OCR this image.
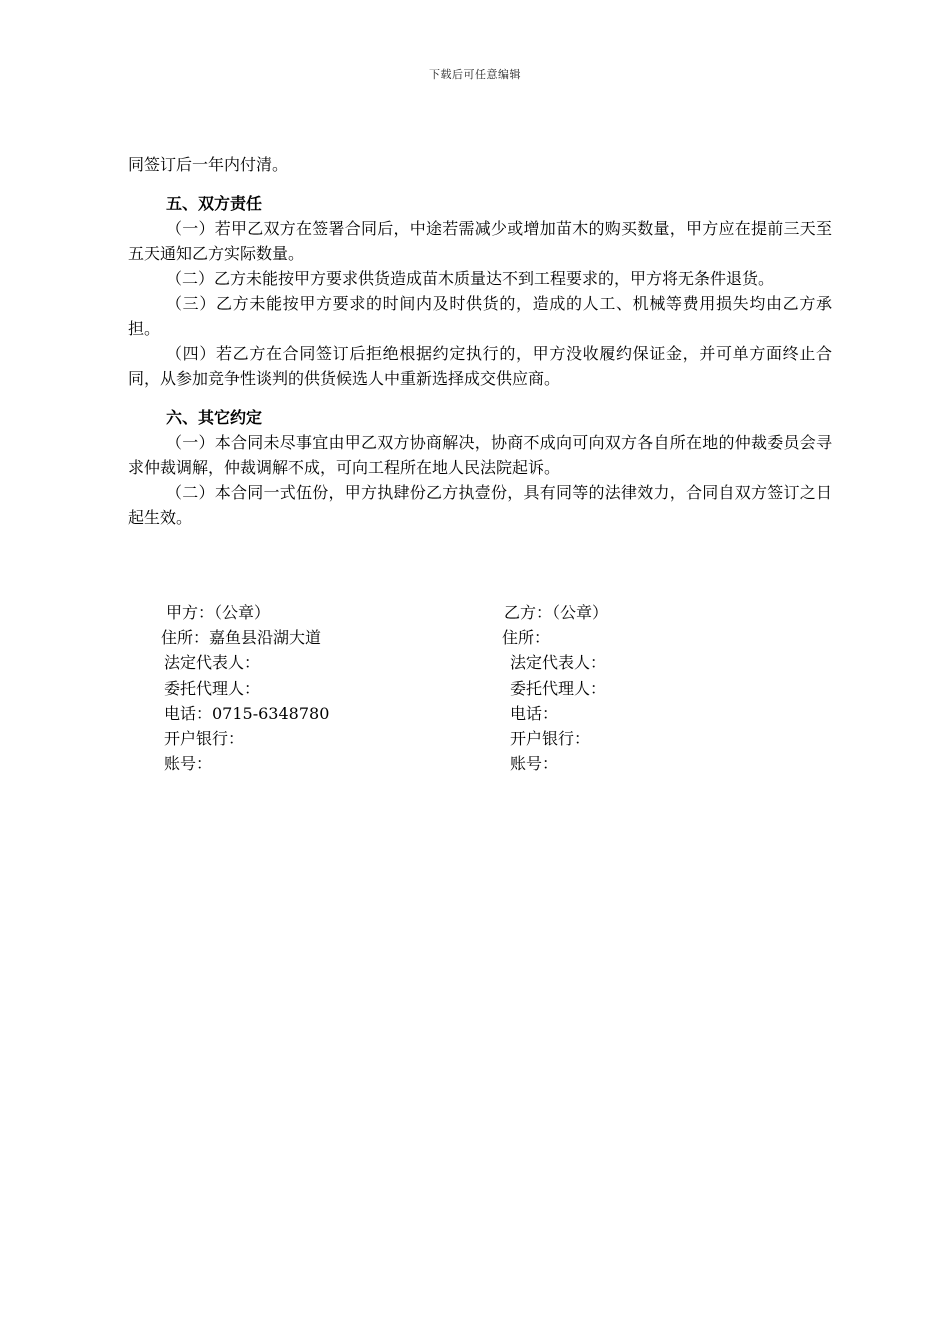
下载后可任意编辑

同签订后一年内付清。

五、双方责任

（一）若甲乙双方在签署合同后，中途若需减少或增加苗木的购买数量，甲方应在提前三天至五天通知乙方实际数量。

（二）乙方未能按甲方要求供货造成苗木质量达不到工程要求的，甲方将无条件退货。

（三）乙方未能按甲方要求的时间内及时供货的，造成的人工、机械等费用损失均由乙方承担。

（四）若乙方在合同签订后拒绝根据约定执行的，甲方没收履约保证金，并可单方面终止合同，从参加竞争性谈判的供货候选人中重新选择成交供应商。

六、其它约定

（一）本合同未尽事宜由甲乙双方协商解决，协商不成向可向双方各自所在地的仲裁委员会寻求仲裁调解，仲裁调解不成，可向工程所在地人民法院起诉。

（二）本合同一式伍份，甲方执肆份乙方执壹份，具有同等的法律效力，合同自双方签订之日起生效。

甲方：（公章）
住所：嘉鱼县沿湖大道
法定代表人：
委托代理人：
电话：0715-6348780
开户银行：
账号：
乙方：（公章）
住所：
法定代表人：
委托代理人：
电话：
开户银行：
账号：
